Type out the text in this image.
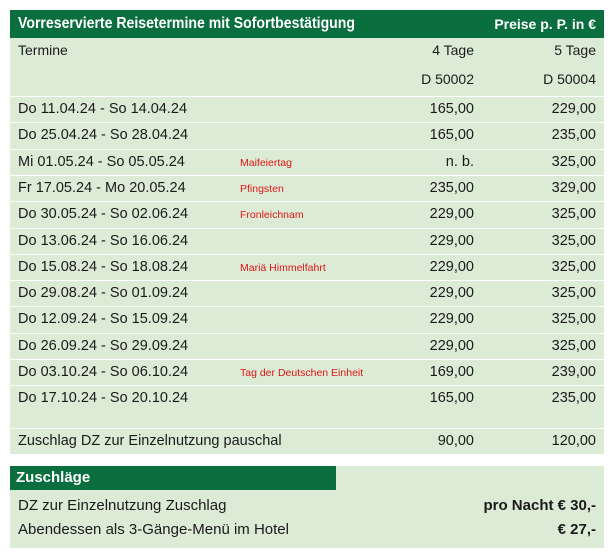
Vorreservierte Reisetermine mit Sofortbestätigung	Preise p. P. in €
Termine	4 Tage	5 Tage
D 50002	D 50004
Do 11.04.24 - So 14.04.24	165,00	229,00
Do 25.04.24 - So 28.04.24	165,00	235,00
Mi 01.05.24 - So 05.05.24	Maifeiertag	n. b.	325,00
Fr 17.05.24 - Mo 20.05.24	Pfingsten	235,00	329,00
Do 30.05.24 - So 02.06.24	Fronleichnam	229,00	325,00
Do 13.06.24 - So 16.06.24	229,00	325,00
Do 15.08.24 - So 18.08.24	Mariä Himmelfahrt	229,00	325,00
Do 29.08.24 - So 01.09.24	229,00	325,00
Do 12.09.24 - So 15.09.24	229,00	325,00
Do 26.09.24 - So 29.09.24	229,00	325,00
Do 03.10.24 - So 06.10.24	Tag der Deutschen Einheit	169,00	239,00
Do 17.10.24 - So 20.10.24	165,00	235,00
Zuschlag DZ zur Einzelnutzung pauschal	90,00	120,00
Zuschläge
DZ zur Einzelnutzung Zuschlag	pro Nacht € 30,-
Abendessen als 3-Gänge-Menü im Hotel	€ 27,-
